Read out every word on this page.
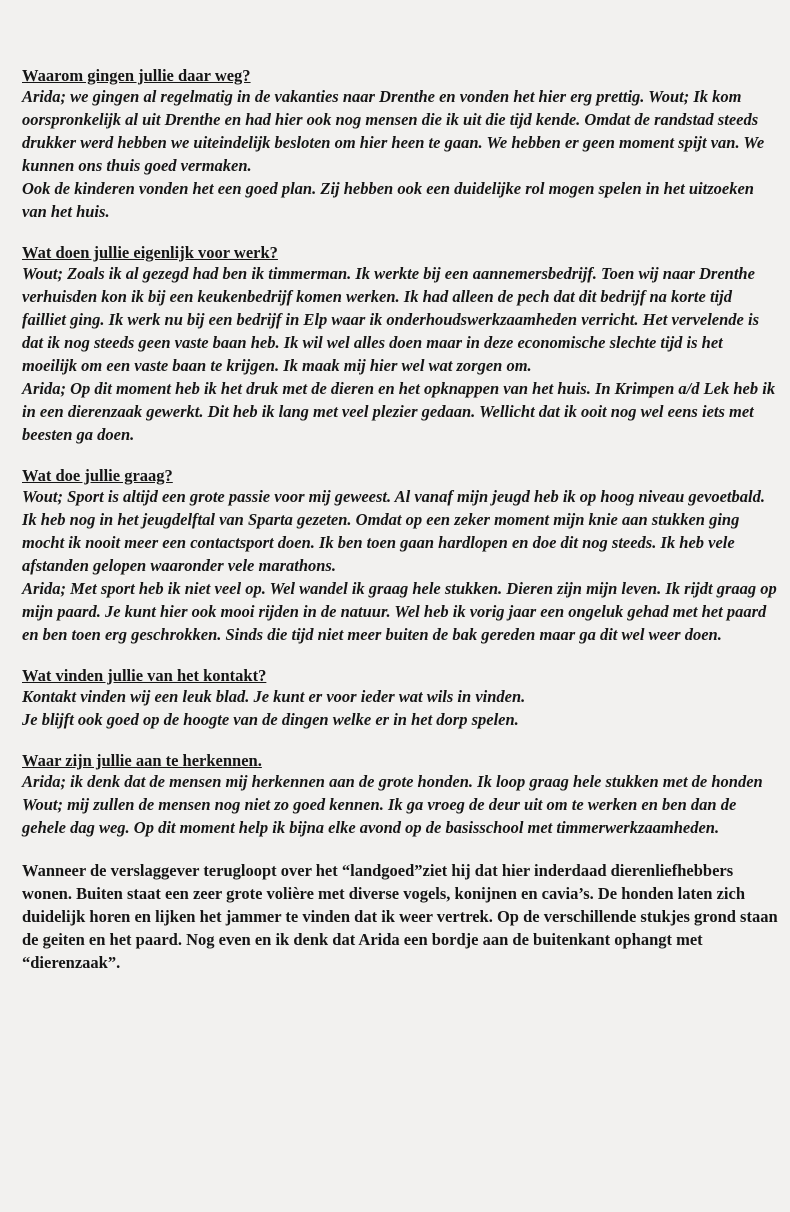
Waarom gingen jullie daar weg?

Arida; we gingen al regelmatig in de vakanties naar Drenthe en vonden het hier erg prettig. Wout; Ik kom oorspronkelijk al uit Drenthe en had hier ook nog mensen die ik uit die tijd kende. Omdat de randstad steeds drukker werd hebben we uiteindelijk besloten om hier heen te gaan. We hebben er geen moment spijt van. We kunnen ons thuis goed vermaken.

Ook de kinderen vonden het een goed plan. Zij hebben ook een duidelijke rol mogen spelen in het uitzoeken van het huis.

Wat doen jullie eigenlijk voor werk?

Wout; Zoals ik al gezegd had ben ik timmerman. Ik werkte bij een aannemersbedrijf. Toen wij naar Drenthe verhuisden kon ik bij een keukenbedrijf komen werken. Ik had alleen de pech dat dit bedrijf na korte tijd failliet ging. Ik werk nu bij een bedrijf in Elp waar ik onderhoudswerkzaamheden verricht. Het vervelende is dat ik nog steeds geen vaste baan heb. Ik wil wel alles doen maar in deze economische slechte tijd is het moeilijk om een vaste baan te krijgen. Ik maak mij hier wel wat zorgen om.

Arida; Op dit moment heb ik het druk met de dieren en het opknappen van het huis. In Krimpen a/d Lek heb ik in een dierenzaak gewerkt. Dit heb ik lang met veel plezier gedaan. Wellicht dat ik ooit nog wel eens iets met beesten ga doen.

Wat doe jullie graag?

Wout; Sport is altijd een grote passie voor mij geweest. Al vanaf mijn jeugd heb ik op hoog niveau gevoetbald. Ik heb nog in het jeugdelftal van Sparta gezeten. Omdat op een zeker moment mijn knie aan stukken ging mocht ik nooit meer een contactsport doen. Ik ben toen gaan hardlopen en doe dit nog steeds. Ik heb vele afstanden gelopen waaronder vele marathons.

Arida; Met sport heb ik niet veel op. Wel wandel ik graag hele stukken. Dieren zijn mijn leven. Ik rijdt graag op mijn paard. Je kunt hier ook mooi rijden in de natuur. Wel heb ik vorig jaar een ongeluk gehad met het paard en ben toen erg geschrokken. Sinds die tijd niet meer buiten de bak gereden maar ga dit wel weer doen.

Wat vinden jullie van het kontakt?

Kontakt vinden wij een leuk blad. Je kunt er voor ieder wat wils in vinden.

Je blijft ook goed op de hoogte van de dingen welke er in het dorp spelen.

Waar zijn jullie aan te herkennen.

Arida; ik denk dat de mensen mij herkennen aan de grote honden. Ik loop graag hele stukken met de honden

Wout; mij zullen de mensen nog niet zo goed kennen. Ik ga vroeg de deur uit om te werken en ben dan de gehele dag weg. Op dit moment help ik bijna elke avond op de basisschool met timmerwerkzaamheden.

Wanneer de verslaggever terugloopt over het “landgoed”ziet hij dat hier inderdaad dierenliefhebbers wonen. Buiten staat een zeer grote volière met diverse vogels, konijnen en cavia’s. De honden laten zich duidelijk horen en lijken het jammer te vinden dat ik weer vertrek. Op de verschillende stukjes grond staan de geiten en het paard. Nog even en ik denk dat Arida een bordje aan de buitenkant ophangt met “dierenzaak”.
